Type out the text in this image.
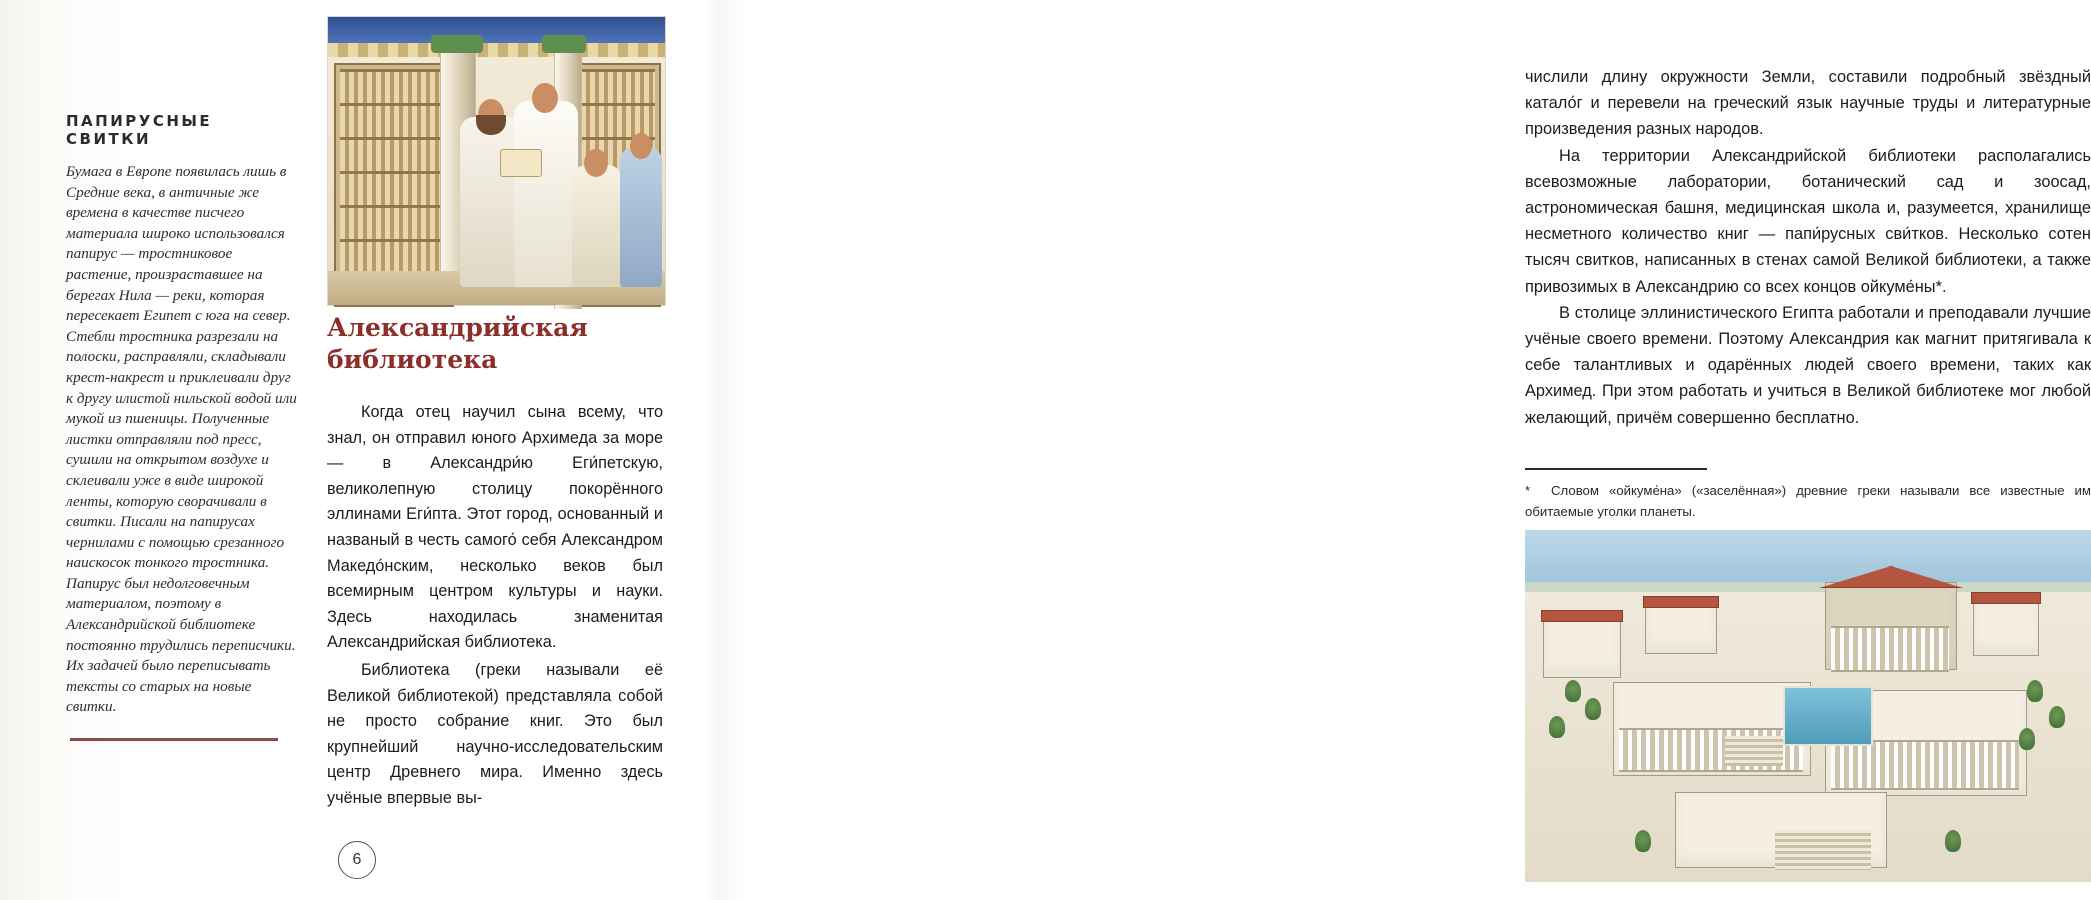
ПАПИРУСНЫЕ СВИТКИ
Бумага в Европе появилась лишь в Средние века, в античные же времена в качестве писчего материала широко использовался папирус — тростниковое растение, произраставшее на берегах Нила — реки, которая пересекает Египет с юга на север. Стебли тростника разрезали на полоски, расправляли, складывали крест-накрест и приклеивали друг к другу илистой нильской водой или мукой из пшеницы. Полученные листки отправляли под пресс, сушили на открытом воздухе и склеивали уже в виде широкой ленты, которую сворачивали в свитки. Писали на папирусах чернилами с помощью срезанного наискосок тонкого тростника. Папирус был недолговечным материалом, поэтому в Александрийской библиотеке постоянно трудились переписчики. Их задачей было переписывать тексты со старых на новые свитки.
Александрийская библиотека

Когда отец научил сына всему, что знал, он отправил юного Архимеда за море — в Александри́ю Еги́петскую, великолепную столицу покорённого эллинами Еги́пта. Этот город, основанный и названый в честь самого́ себя Александром Македо́нским, несколько веков был всемирным центром культуры и науки. Здесь находилась знаменитая Александрийская библиотека.

Библиотека (греки называли её Великой библиотекой) представляла собой не просто собрание книг. Это был крупнейший научно-исследовательским центр Древнего мира. Именно здесь учёные впервые вы-

6

числили длину окружности Земли, составили подробный звёздный катало́г и перевели на греческий язык научные труды и литературные произведения разных народов.

На территории Александрийской библиотеки располагались всевозможные лаборатории, ботанический сад и зоосад, астрономическая башня, медицинская школа и, разумеется, хранилище несметного количество книг — папи́русных сви́тков. Несколько сотен тысяч свитков, написанных в стенах самой Великой библиотеки, а также привозимых в Александрию со всех концов ойкуме́ны*.

В столице эллинистического Египта работали и преподавали лучшие учёные своего времени. Поэтому Александрия как магнит притягивала к себе талантливых и одарённых людей своего времени, таких как Архимед. При этом работать и учиться в Великой библиотеке мог любой желающий, причём совершенно бесплатно.

* Словом «ойкуме́на» («заселённая») древние греки называли все известные им обитаемые уголки планеты.
